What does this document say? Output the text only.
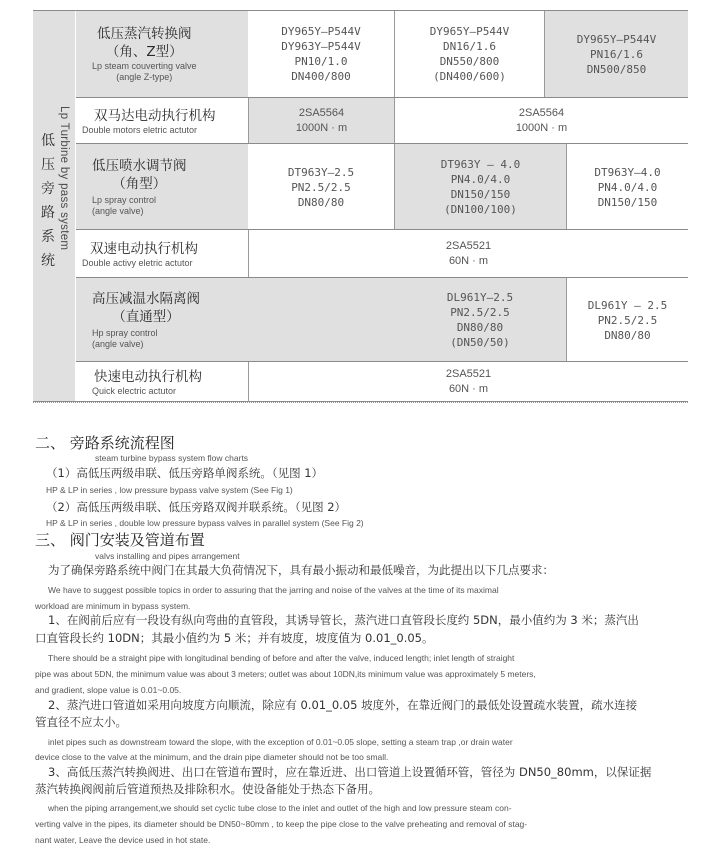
低
压
旁
路
系
统
Lp Turbine by pass system
低压蒸汽转换阀
（角、Z型）
Lp steam couverting valve
(angle Z-type)
DY965Y—P544V
DY963Y—P544V
PN10/1.0
DN400/800
DY965Y—P544V
DN16/1.6
DN550/800
(DN400/600)
DY965Y—P544V
PN16/1.6
DN500/850
双马达电动执行机构
Double motors eletric actutor
2SA5564
1000N · m
2SA5564
1000N · m
低压喷水调节阀
（角型）
Lp spray control
(angle valve)
DT963Y—2.5
PN2.5/2.5
DN80/80
DT963Y — 4.0
PN4.0/4.0
DN150/150
(DN100/100)
DT963Y—4.0
PN4.0/4.0
DN150/150
双速电动执行机构
Double activy eletric actutor
2SA5521
60N · m
高压减温水隔离阀
（直通型）
Hp spray control
(angle valve)
DL961Y—2.5
PN2.5/2.5
DN80/80
(DN50/50)
DL961Y — 2.5
PN2.5/2.5
DN80/80
快速电动执行机构
Quick electric actutor
2SA5521
60N · m
二、 旁路系统流程图
steam turbine bypass system flow charts
（1）高低压两级串联、低压旁路单阀系统。（见图 1）
HP & LP in series , low pressure bypass valve system (See Fig 1)
（2）高低压两级串联、低压旁路双阀并联系统。（见图 2）
HP & LP in series , double low pressure bypass valves in parallel system (See Fig 2)
三、 阀门安装及管道布置
valvs installing and pipes arrangement
为了确保旁路系统中阀门在其最大负荷情况下，具有最小振动和最低噪音，为此提出以下几点要求：
We have to suggest possible topics in order to assuring that the jarring and noise of the valves at the time of its maximal
workload are minimum in bypass system.
1、在阀前后应有一段设有纵向弯曲的直管段，其诱导管长，蒸汽进口直管段长度约 5DN，最小值约为 3 米；蒸汽出
口直管段长约 10DN；其最小值约为 5 米；并有坡度，坡度值为 0.01_0.05。
There should be a straight pipe with longitudinal bending of before and after the valve, induced length; inlet length of straight
pipe was about 5DN, the minimum value was about 3 meters; outlet was about 10DN,its minimum value was approximately 5 meters,
and gradient, slope value is 0.01~0.05.
2、蒸汽进口管道如采用向坡度方向顺流，除应有 0.01_0.05 坡度外，在靠近阀门的最低处设置疏水装置，疏水连接
管直径不应太小。
inlet pipes such as downstream toward the slope, with the exception of 0.01~0.05 slope, setting a steam trap ,or drain water
device close to the valve at the minimum, and the drain pipe diameter should not be too small.
3、高低压蒸汽转换阀进、出口在管道布置时，应在靠近进、出口管道上设置循环管，管径为 DN50_80mm，以保证据
蒸汽转换阀阀前后管道预热及排除积水。使设备能处于热态下备用。
when the piping arrangement,we should set cyclic tube close to the inlet and outlet of the high and low pressure steam con-
verting valve in the pipes, its diameter should be DN50~80mm , to keep the pipe close to the valve preheating and removal of stag-
nant water, Leave the device used in hot state.
